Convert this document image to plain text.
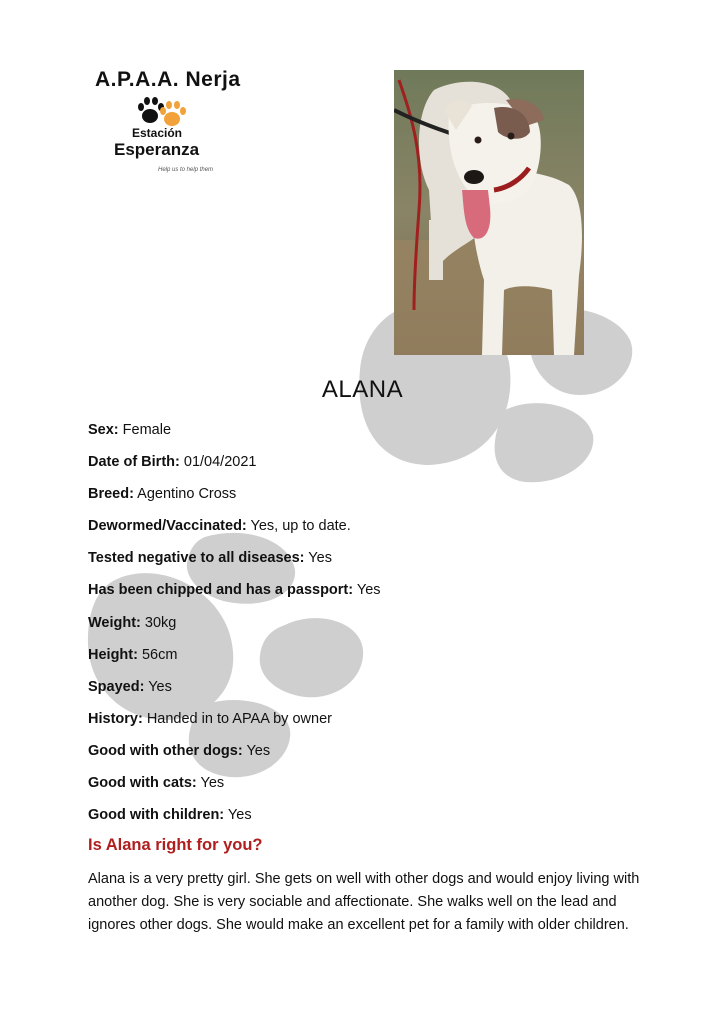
A.P.A.A. Nerja
Estación
Esperanza
Help us to help them
ALANA
Sex: Female
Date of Birth: 01/04/2021
Breed: Agentino Cross
Dewormed/Vaccinated: Yes, up to date.
Tested negative to all diseases: Yes
Has been chipped and has a passport: Yes
Weight: 30kg
Height: 56cm
Spayed: Yes
History: Handed in to APAA by owner
Good with other dogs: Yes
Good with cats: Yes
Good with children: Yes
Is Alana right for you?
Alana is a very pretty girl. She gets on well with other dogs and would enjoy living with another dog. She is very sociable and affectionate. She walks well on the lead and ignores other dogs. She would make an excellent pet for a family with older children.
